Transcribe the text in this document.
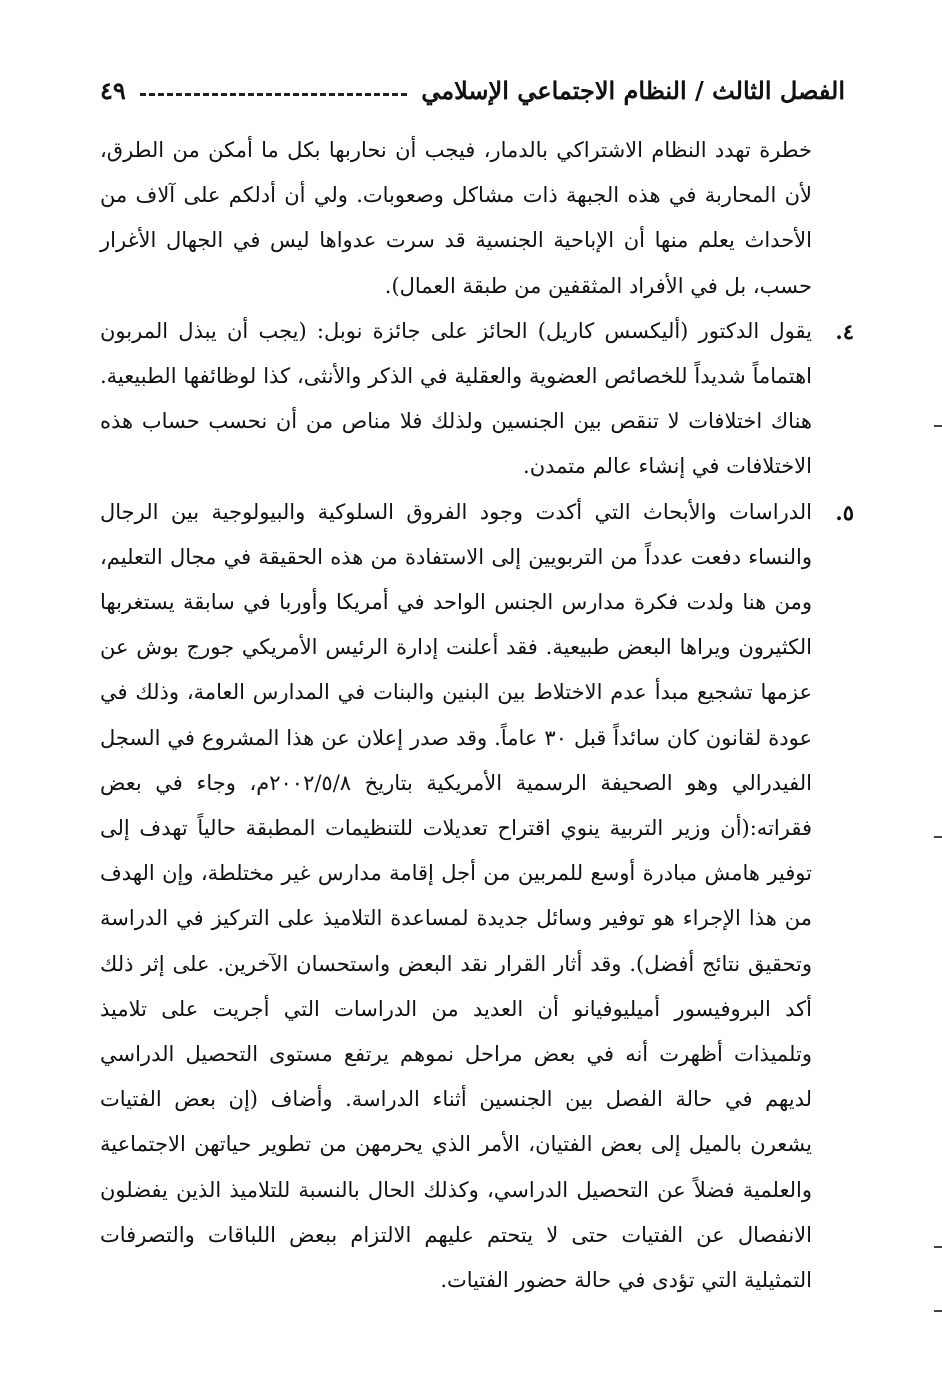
الفصل الثالث / النظام الاجتماعي الإسلامي
٤٩

خطرة تهدد النظام الاشتراكي بالدمار، فيجب أن نحاربها بكل ما أمكن من الطرق، لأن المحاربة في هذه الجبهة ذات مشاكل وصعوبات. ولي أن أدلكم على آلاف من الأحداث يعلم منها أن الإباحية الجنسية قد سرت عدواها ليس في الجهال الأغرار حسب، بل في الأفراد المثقفين من طبقة العمال).

٤.

يقول الدكتور (أليكسس كاريل) الحائز على جائزة نوبل: (يجب أن يبذل المربون اهتماماً شديداً للخصائص العضوية والعقلية في الذكر والأنثى، كذا لوظائفها الطبيعية. هناك اختلافات لا تنقص بين الجنسين ولذلك فلا مناص من أن نحسب حساب هذه الاختلافات في إنشاء عالم متمدن.

٥.

الدراسات والأبحاث التي أكدت وجود الفروق السلوكية والبيولوجية بين الرجال والنساء دفعت عدداً من التربويين إلى الاستفادة من هذه الحقيقة في مجال التعليم، ومن هنا ولدت فكرة مدارس الجنس الواحد في أمريكا وأوربا في سابقة يستغربها الكثيرون ويراها البعض طبيعية. فقد أعلنت إدارة الرئيس الأمريكي جورج بوش عن عزمها تشجيع مبدأ عدم الاختلاط بين البنين والبنات في المدارس العامة، وذلك في عودة لقانون كان سائداً قبل ٣٠ عاماً. وقد صدر إعلان عن هذا المشروع في السجل الفيدرالي وهو الصحيفة الرسمية الأمريكية بتاريخ ٢٠٠٢/٥/٨م، وجاء في بعض فقراته:(أن وزير التربية ينوي اقتراح تعديلات للتنظيمات المطبقة حالياً تهدف إلى توفير هامش مبادرة أوسع للمربين من أجل إقامة مدارس غير مختلطة، وإن الهدف من هذا الإجراء هو توفير وسائل جديدة لمساعدة التلاميذ على التركيز في الدراسة وتحقيق نتائج أفضل). وقد أثار القرار نقد البعض واستحسان الآخرين. على إثر ذلك أكد البروفيسور أميليوفيانو أن العديد من الدراسات التي أجريت على تلاميذ وتلميذات أظهرت أنه في بعض مراحل نموهم يرتفع مستوى التحصيل الدراسي لديهم في حالة الفصل بين الجنسين أثناء الدراسة. وأضاف (إن بعض الفتيات يشعرن بالميل إلى بعض الفتيان، الأمر الذي يحرمهن من تطوير حياتهن الاجتماعية والعلمية فضلاً عن التحصيل الدراسي، وكذلك الحال بالنسبة للتلاميذ الذين يفضلون الانفصال عن الفتيات حتى لا يتحتم عليهم الالتزام ببعض اللباقات والتصرفات التمثيلية التي تؤدى في حالة حضور الفتيات.
